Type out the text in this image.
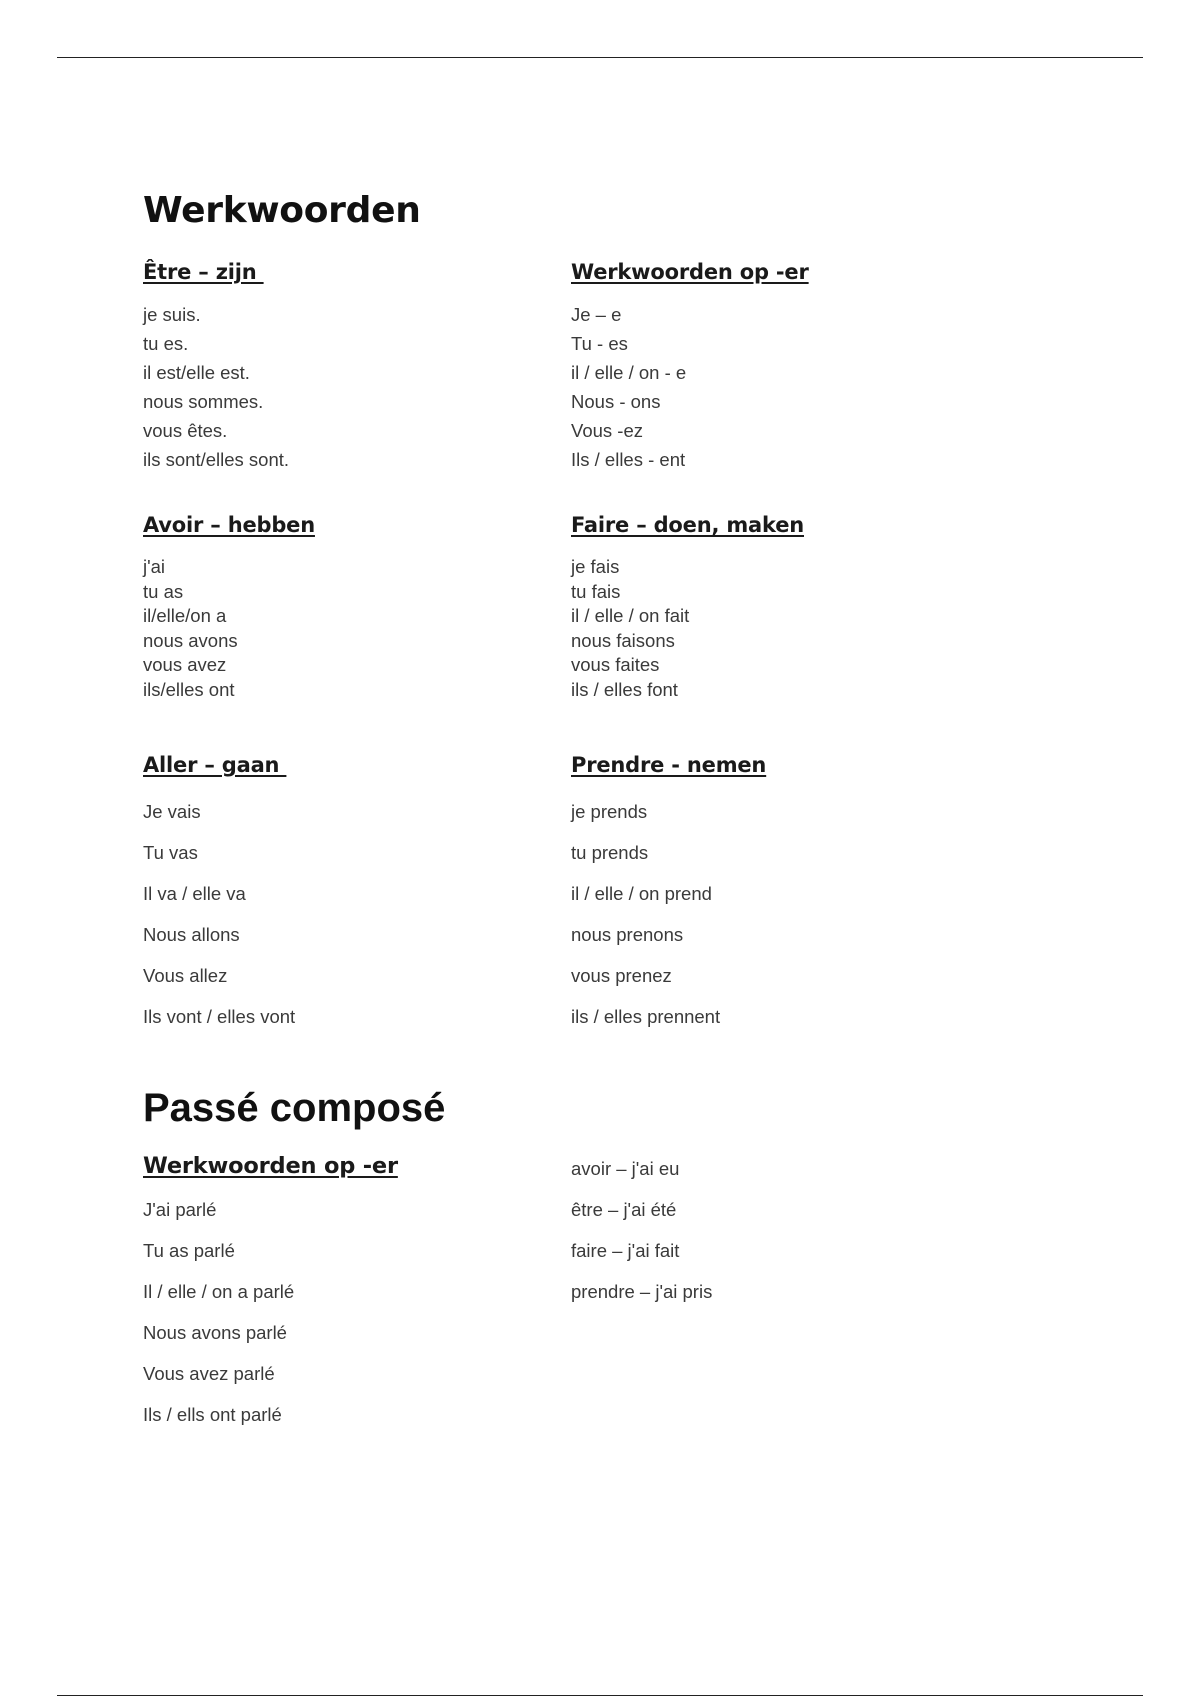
Werkwoorden
Être – zijn
je suis.
tu es.
il est/elle est.
nous sommes.
vous êtes.
ils sont/elles sont.
Werkwoorden op -er
Je – e
Tu - es
il / elle / on - e
Nous - ons
Vous -ez
Ils / elles - ent
Avoir – hebben
j'ai
tu as
il/elle/on a
nous avons
vous avez
ils/elles ont
Faire – doen, maken
je fais
tu fais
il / elle / on fait
nous faisons
vous faites
ils / elles font
Aller – gaan
Je vais
Tu vas
Il va / elle va
Nous allons
Vous allez
Ils vont / elles vont
Prendre - nemen
je prends
tu prends
il / elle / on prend
nous prenons
vous prenez
ils / elles prennent
Passé composé
Werkwoorden op -er
J'ai parlé
Tu as parlé
Il / elle / on a parlé
Nous avons parlé
Vous avez parlé
Ils / ells ont parlé
avoir – j'ai eu
être – j'ai été
faire – j'ai fait
prendre – j'ai pris
